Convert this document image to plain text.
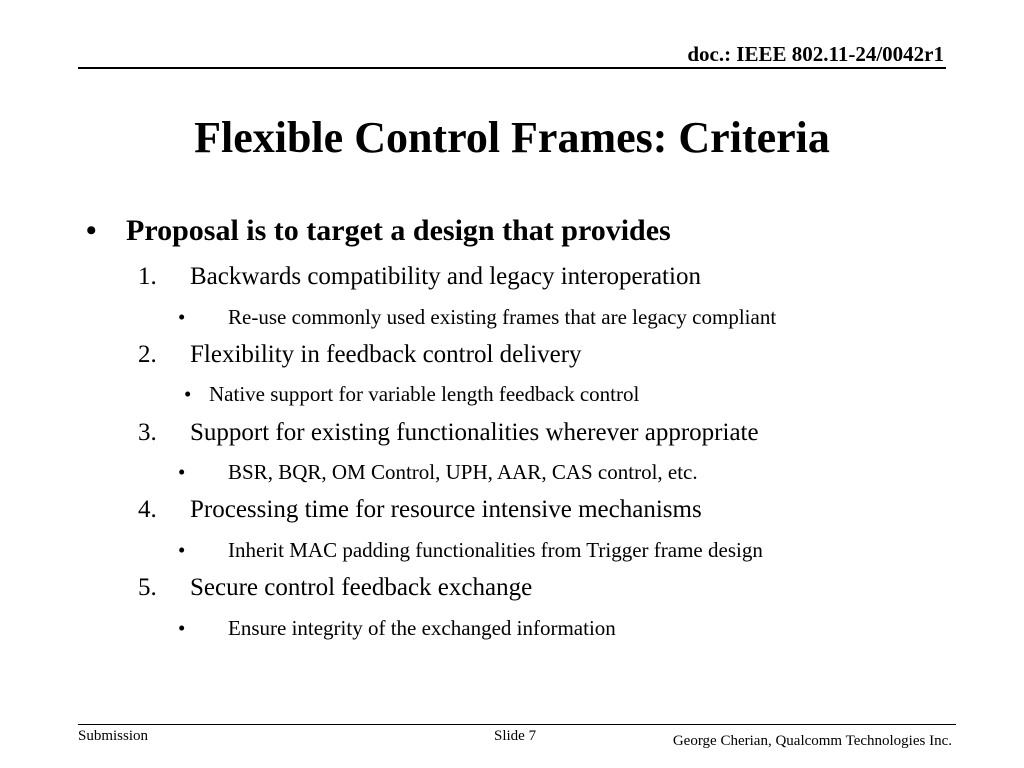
doc.: IEEE 802.11-24/0042r1
Flexible Control Frames: Criteria
• Proposal is to target a design that provides
1. Backwards compatibility and legacy interoperation
• Re-use commonly used existing frames that are legacy compliant
2. Flexibility in feedback control delivery
• Native support for variable length feedback control
3. Support for existing functionalities wherever appropriate
• BSR, BQR, OM Control, UPH, AAR, CAS control, etc.
4. Processing time for resource intensive mechanisms
• Inherit MAC padding functionalities from Trigger frame design
5. Secure control feedback exchange
• Ensure integrity of the exchanged information
Submission	Slide 7	George Cherian, Qualcomm Technologies Inc.
